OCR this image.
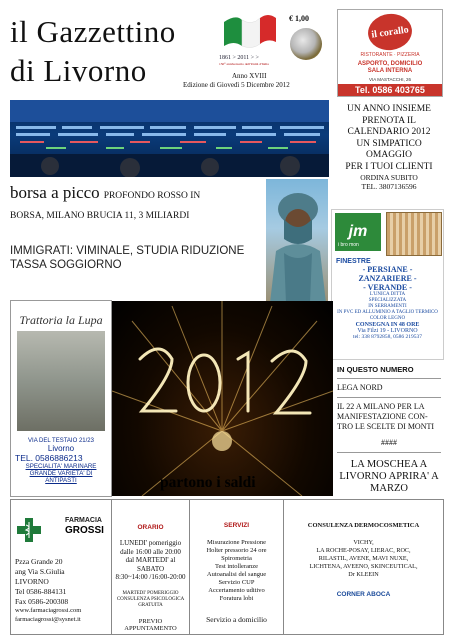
il Gazzettino
di Livorno	1861 > 2011 > >
150° anniversario dell'Unità d'Italia
€ 1,00
Anno XVIII
Edizione di Giovedì 5 Dicembre 2012
il corallo
RISTORANTE · PIZZERIA
ASPORTO, DOMICILIO
SALA INTERNA
VIA MASTACCHI, 26
Tel. 0586 403765
UN ANNO INSIEME
PRENOTA IL
CALENDARIO 2012
UN SIMPATICO
OMAGGIO
PER I TUOI CLIENTI
ORDINA SUBITO
TEL. 3807136596
borsa a picco PROFONDO ROSSO IN
BORSA, MILANO BRUCIA 11, 3 MILIARDI
IMMIGRATI: VIMINALE, STUDIA RIDUZIONE TASSA SOGGIORNO
jm
i bro mon
FINESTRE
- PERSIANE -
ZANZARIERE -
- VERANDE -
L'UNICA DITTA
SPECIALIZZATA
IN SERRAMENTI
IN PVC ED ALLUMINIO A TAGLIO TERMICO COLOR LEGNO
CONSEGNA IN 48 ORE
Via Filzi 19 - LIVORNO
tel: 338 8792858, 0586 219537
Trattoria la Lupa
VIA DEL TESTAIO 21/23
Livorno
TEL. 0586886213
SPECIALITA' MARINARE
GRANDE VARIETA' DI
ANTIPASTI
2012
partono i saldi
IN QUESTO NUMERO
LEGA NORD
IL 22 A MILANO PER LA MANIFESTAZIONE CON-TRO LE SCELTE DI MONTI
####
LA MOSCHEA A LIVORNO APRIRA' A MARZO
FARMACIA
GROSSI
Pzza Grande 20
ang Via S.Giulia
LIVORNO
Tel 0586-884131
Fax 0586-200308
www.farmaciagrossi.com
farmaciagrossi@sysnet.it
ORARIO
LUNEDI' pomeriggio
dalle 16:00 alle 20:00
dal MARTEDI' al SABATO
8:30~14:00 /16:00-20:00
MARTEDI' POMERIGGIO
CONSULENZA PSICOLOGICA
GRATUITA
PREVIO APPUNTAMENTO
SERVIZI
Misurazione Pressione
Holter pressorio 24 ore
Spirometria
Test intolleranze
Autoanalisi del sangue
Servizio CUP
Accertamento uditivo
Foratura lobi
Servizio a domicilio
CONSULENZA DERMOCOSMETICA
VICHY,
LA ROCHE-POSAY, LIERAC, ROC,
RILASTIL, AVENE, MAVI NUXE,
LICHTENA, AVEENO, SKINCEUTICAL,
Dr KLEEIN
CORNER ABOCA
